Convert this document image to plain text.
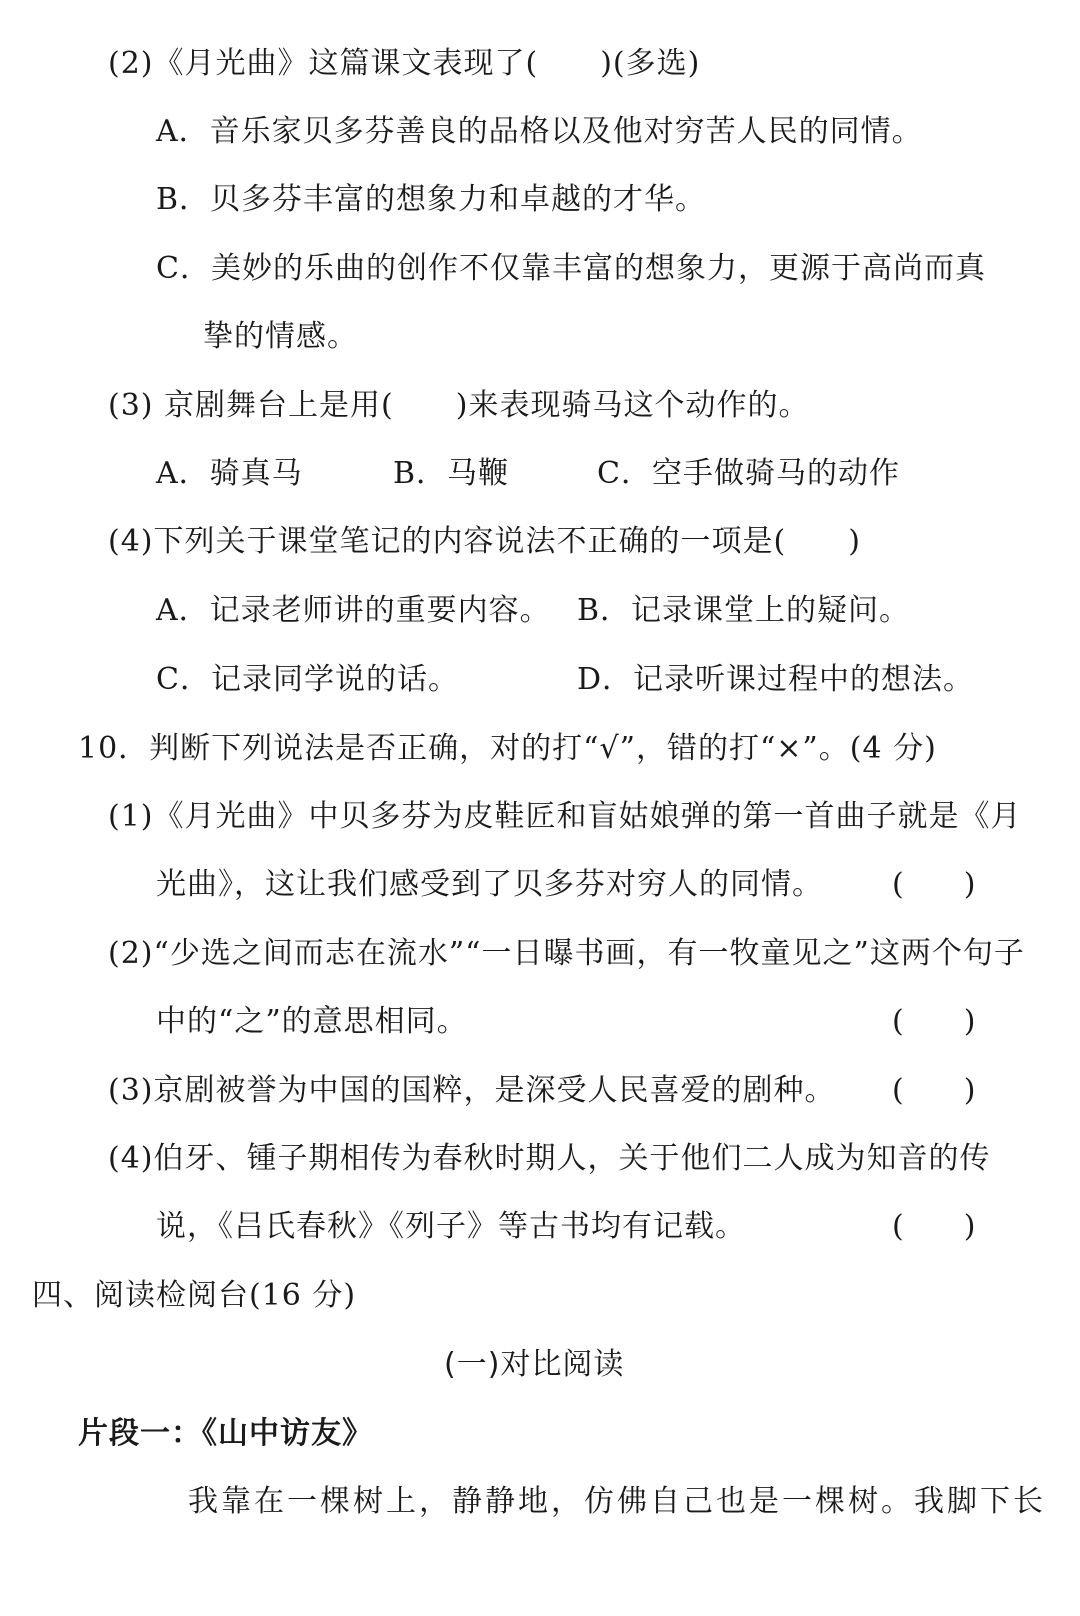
(2)《月光曲》这篇课文表现了(　　)(多选)
A．音乐家贝多芬善良的品格以及他对穷苦人民的同情。
B．贝多芬丰富的想象力和卓越的才华。
C．美妙的乐曲的创作不仅靠丰富的想象力，更源于高尚而真
挚的情感。
(3) 京剧舞台上是用(　　)来表现骑马这个动作的。
A．骑真马	B．马鞭	C．空手做骑马的动作
(4)下列关于课堂笔记的内容说法不正确的一项是(　　)
A．记录老师讲的重要内容。 B．记录课堂上的疑问。
C．记录同学说的话。	D．记录听课过程中的想法。
10．判断下列说法是否正确，对的打“√”，错的打“×”。(4 分)
(1)《月光曲》中贝多芬为皮鞋匠和盲姑娘弹的第一首曲子就是《月
光曲》，这让我们感受到了贝多芬对穷人的同情。 (　　)
(2)“少选之间而志在流水”“一日曝书画，有一牧童见之”这两个句子
中的“之”的意思相同。	(　　)
(3)京剧被誉为中国的国粹，是深受人民喜爱的剧种。 (　　)
(4)伯牙、锺子期相传为春秋时期人，关于他们二人成为知音的传
说，《吕氏春秋》《列子》等古书均有记载。	(　　)
四、阅读检阅台(16 分)
(一)对比阅读
片段一：《山中访友》
我靠在一棵树上，静静地，仿佛自己也是一棵树。我脚下长
